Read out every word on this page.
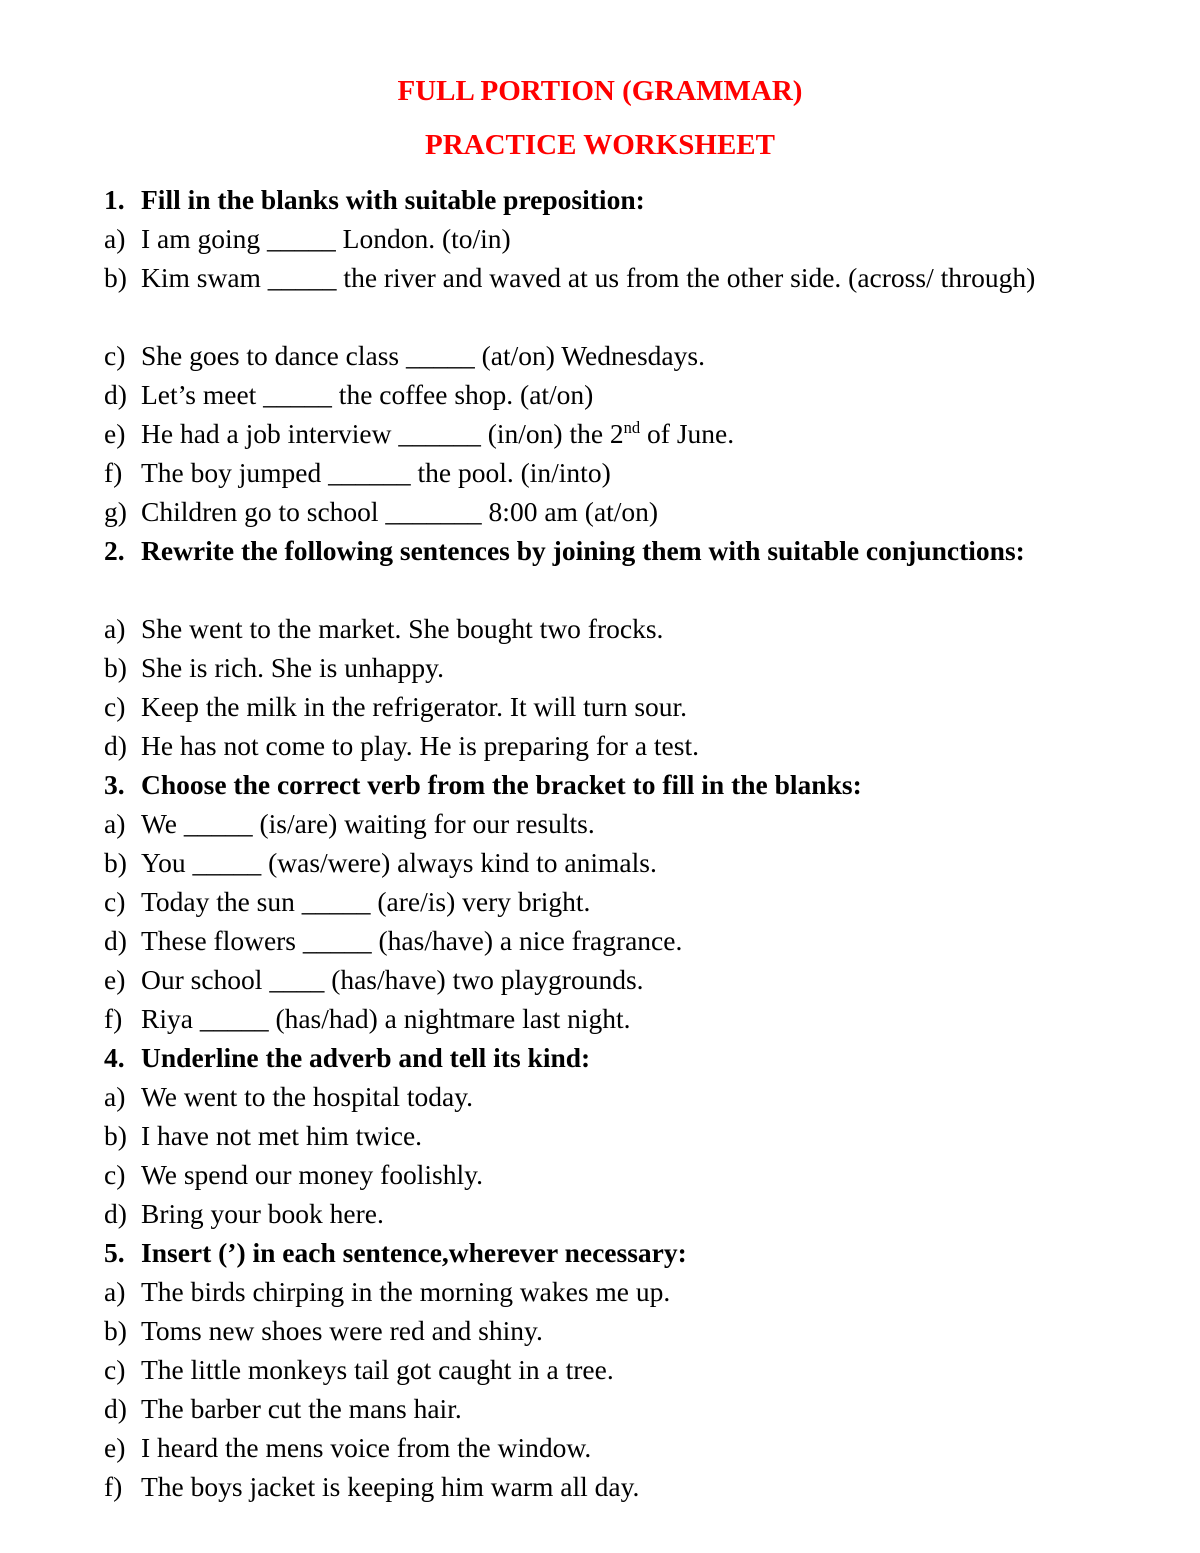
FULL PORTION (GRAMMAR)
PRACTICE WORKSHEET
1. Fill in the blanks with suitable preposition:
a) I am going _____ London. (to/in)
b) Kim swam _____ the river and waved at us from the other side. (across/ through)
c) She goes to dance class _____ (at/on) Wednesdays.
d) Let’s meet _____ the coffee shop. (at/on)
e) He had a job interview ______ (in/on) the 2nd of June.
f) The boy jumped ______ the pool. (in/into)
g) Children go to school _______ 8:00 am (at/on)
2. Rewrite the following sentences by joining them with suitable conjunctions:
a) She went to the market. She bought two frocks.
b) She is rich. She is unhappy.
c) Keep the milk in the refrigerator. It will turn sour.
d) He has not come to play. He is preparing for a test.
3. Choose the correct verb from the bracket to fill in the blanks:
a) We _____ (is/are) waiting for our results.
b) You _____ (was/were) always kind to animals.
c) Today the sun _____ (are/is) very bright.
d) These flowers _____ (has/have) a nice fragrance.
e) Our school ____ (has/have) two playgrounds.
f) Riya _____ (has/had) a nightmare last night.
4. Underline the adverb and tell its kind:
a) We went to the hospital today.
b) I have not met him twice.
c) We spend our money foolishly.
d) Bring your book here.
5. Insert (’) in each sentence,wherever necessary:
a) The birds chirping in the morning wakes me up.
b) Toms new shoes were red and shiny.
c) The little monkeys tail got caught in a tree.
d) The barber cut the mans hair.
e) I heard the mens voice from the window.
f) The boys jacket is keeping him warm all day.
